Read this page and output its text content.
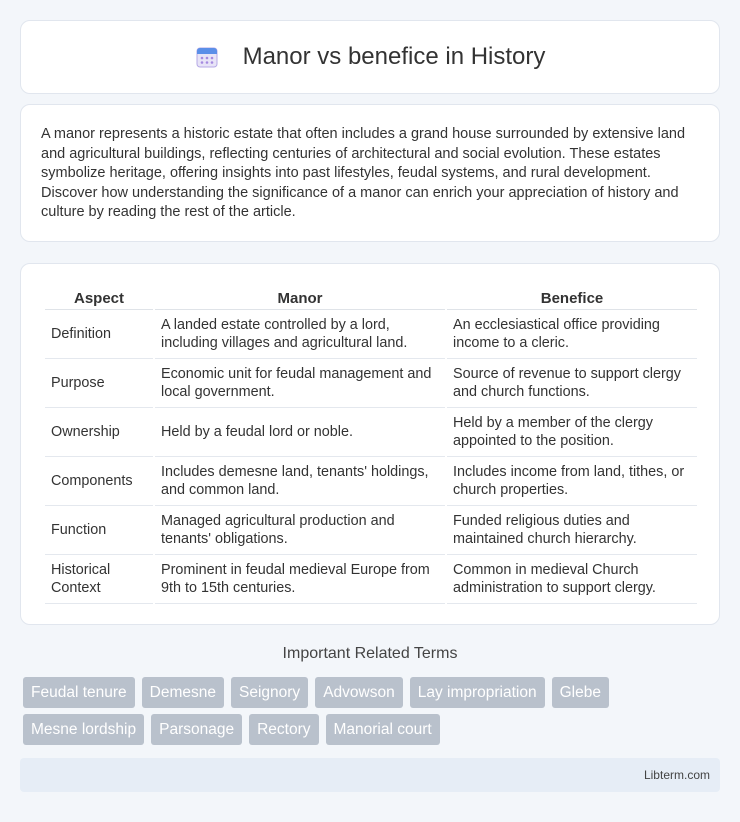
Manor vs benefice in History

A manor represents a historic estate that often includes a grand house surrounded by extensive land and agricultural buildings, reflecting centuries of architectural and social evolution. These estates symbolize heritage, offering insights into past lifestyles, feudal systems, and rural development. Discover how understanding the significance of a manor can enrich your appreciation of history and culture by reading the rest of the article.

Aspect	Manor	Benefice
Definition	A landed estate controlled by a lord, including villages and agricultural land.	An ecclesiastical office providing income to a cleric.
Purpose	Economic unit for feudal management and local government.	Source of revenue to support clergy and church functions.
Ownership	Held by a feudal lord or noble.	Held by a member of the clergy appointed to the position.
Components	Includes demesne land, tenants' holdings, and common land.	Includes income from land, tithes, or church properties.
Function	Managed agricultural production and tenants' obligations.	Funded religious duties and maintained church hierarchy.
Historical Context	Prominent in feudal medieval Europe from 9th to 15th centuries.	Common in medieval Church administration to support clergy.
Important Related Terms
Feudal tenure	Demesne	Seignory	Advowson	Lay impropriation	Glebe
Mesne lordship	Parsonage	Rectory	Manorial court
Libterm.com
